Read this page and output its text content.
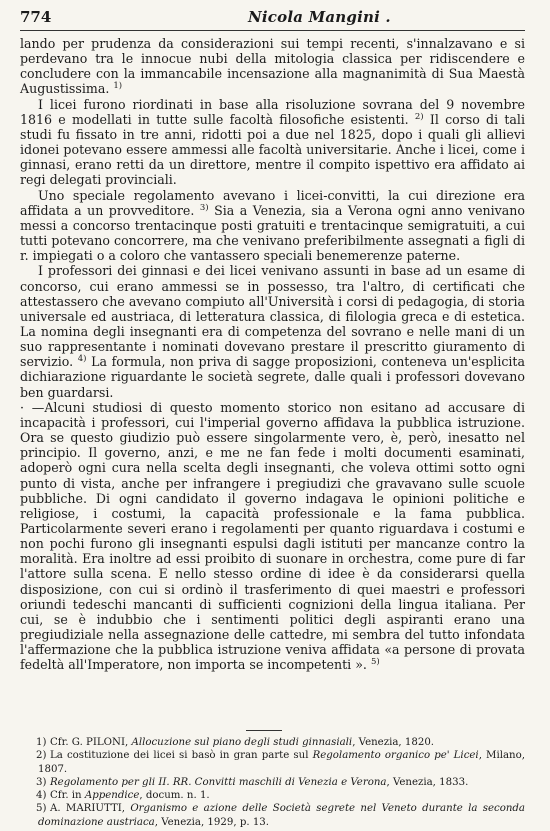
774	Nicola Mangini .

lando per prudenza da considerazioni sui tempi recenti, s'innalzavano e si perdevano tra le innocue nubi della mitologia classica per ridiscendere e concludere con la immancabile incensazione alla magnanimità di Sua Maestà Augustissima. $^{1)}$

I licei furono riordinati in base alla risoluzione sovrana del 9 novembre 1816 e modellati in tutte sulle facoltà filosofiche esistenti. $^{2)}$ Il corso di tali studi fu fissato in tre anni, ridotti poi a due nel 1825, dopo i quali gli allievi idonei potevano essere ammessi alle facoltà universitarie. Anche i licei, come i ginnasi, erano retti da un direttore, mentre il compito ispettivo era affidato ai regi delegati provinciali.

Uno speciale regolamento avevano i licei-convitti, la cui direzione era affidata a un provveditore. $^{3)}$ Sia a Venezia, sia a Verona ogni anno venivano messi a concorso trentacinque posti gratuiti e trentacinque semigratuiti, a cui tutti potevano concorrere, ma che venivano preferibilmente assegnati a figli di r. impiegati o a coloro che vantassero speciali benemerenze paterne.

I professori dei ginnasi e dei licei venivano assunti in base ad un esame di concorso, cui erano ammessi se in possesso, tra l'altro, di certificati che attestassero che avevano compiuto all'Università i corsi di pedagogia, di storia universale ed austriaca, di letteratura classica, di filologia greca e di estetica. La nomina degli insegnanti era di competenza del sovrano e nelle mani di un suo rappresentante i nominati dovevano prestare il prescritto giuramento di servizio. $^{4)}$ La formula, non priva di sagge proposizioni, conteneva un'esplicita dichiarazione riguardante le società segrete, dalle quali i professori dovevano ben guardarsi.

· —Alcuni studiosi di questo momento storico non esitano ad accusare di incapacità i professori, cui l'imperial governo affidava la pubblica istruzione. Ora se questo giudizio può essere singolarmente vero, è, però, inesatto nel principio. Il governo, anzi, e me ne fan fede i molti documenti esaminati, adoperò ogni cura nella scelta degli insegnanti, che voleva ottimi sotto ogni punto di vista, anche per infrangere i pregiudizi che gravavano sulle scuole pubbliche. Di ogni candidato il governo indagava le opinioni politiche e religiose, i costumi, la capacità professionale e la fama pubblica. Particolarmente severi erano i regolamenti per quanto riguardava i costumi e non pochi furono gli insegnanti espulsi dagli istituti per mancanze contro la moralità. Era inoltre ad essi proibito di suonare in orchestra, come pure di far l'attore sulla scena. E nello stesso ordine di idee è da considerarsi quella disposizione, con cui si ordinò il trasferimento di quei maestri e professori oriundi tedeschi mancanti di sufficienti cognizioni della lingua italiana. Per cui, se è indubbio che i sentimenti politici degli aspiranti erano una pregiudiziale nella assegnazione delle cattedre, mi sembra del tutto infondata l'affermazione che la pubblica istruzione veniva affidata «a persone di provata fedeltà all'Imperatore, non importa se incompetenti ». $^{5)}$

1) Cfr. G. PILONI, Allocuzione sul piano degli studi ginnasiali, Venezia, 1820.

2) La costituzione dei licei si basò in gran parte sul Regolamento organico pe' Licei, Milano, 1807.

3) Regolamento per gli II. RR. Convitti maschili di Venezia e Verona, Venezia, 1833.

4) Cfr. in Appendice, docum. n. 1.

5) A. MARIUTTI, Organismo e azione delle Società segrete nel Veneto durante la seconda dominazione austriaca, Venezia, 1929, p. 13.
